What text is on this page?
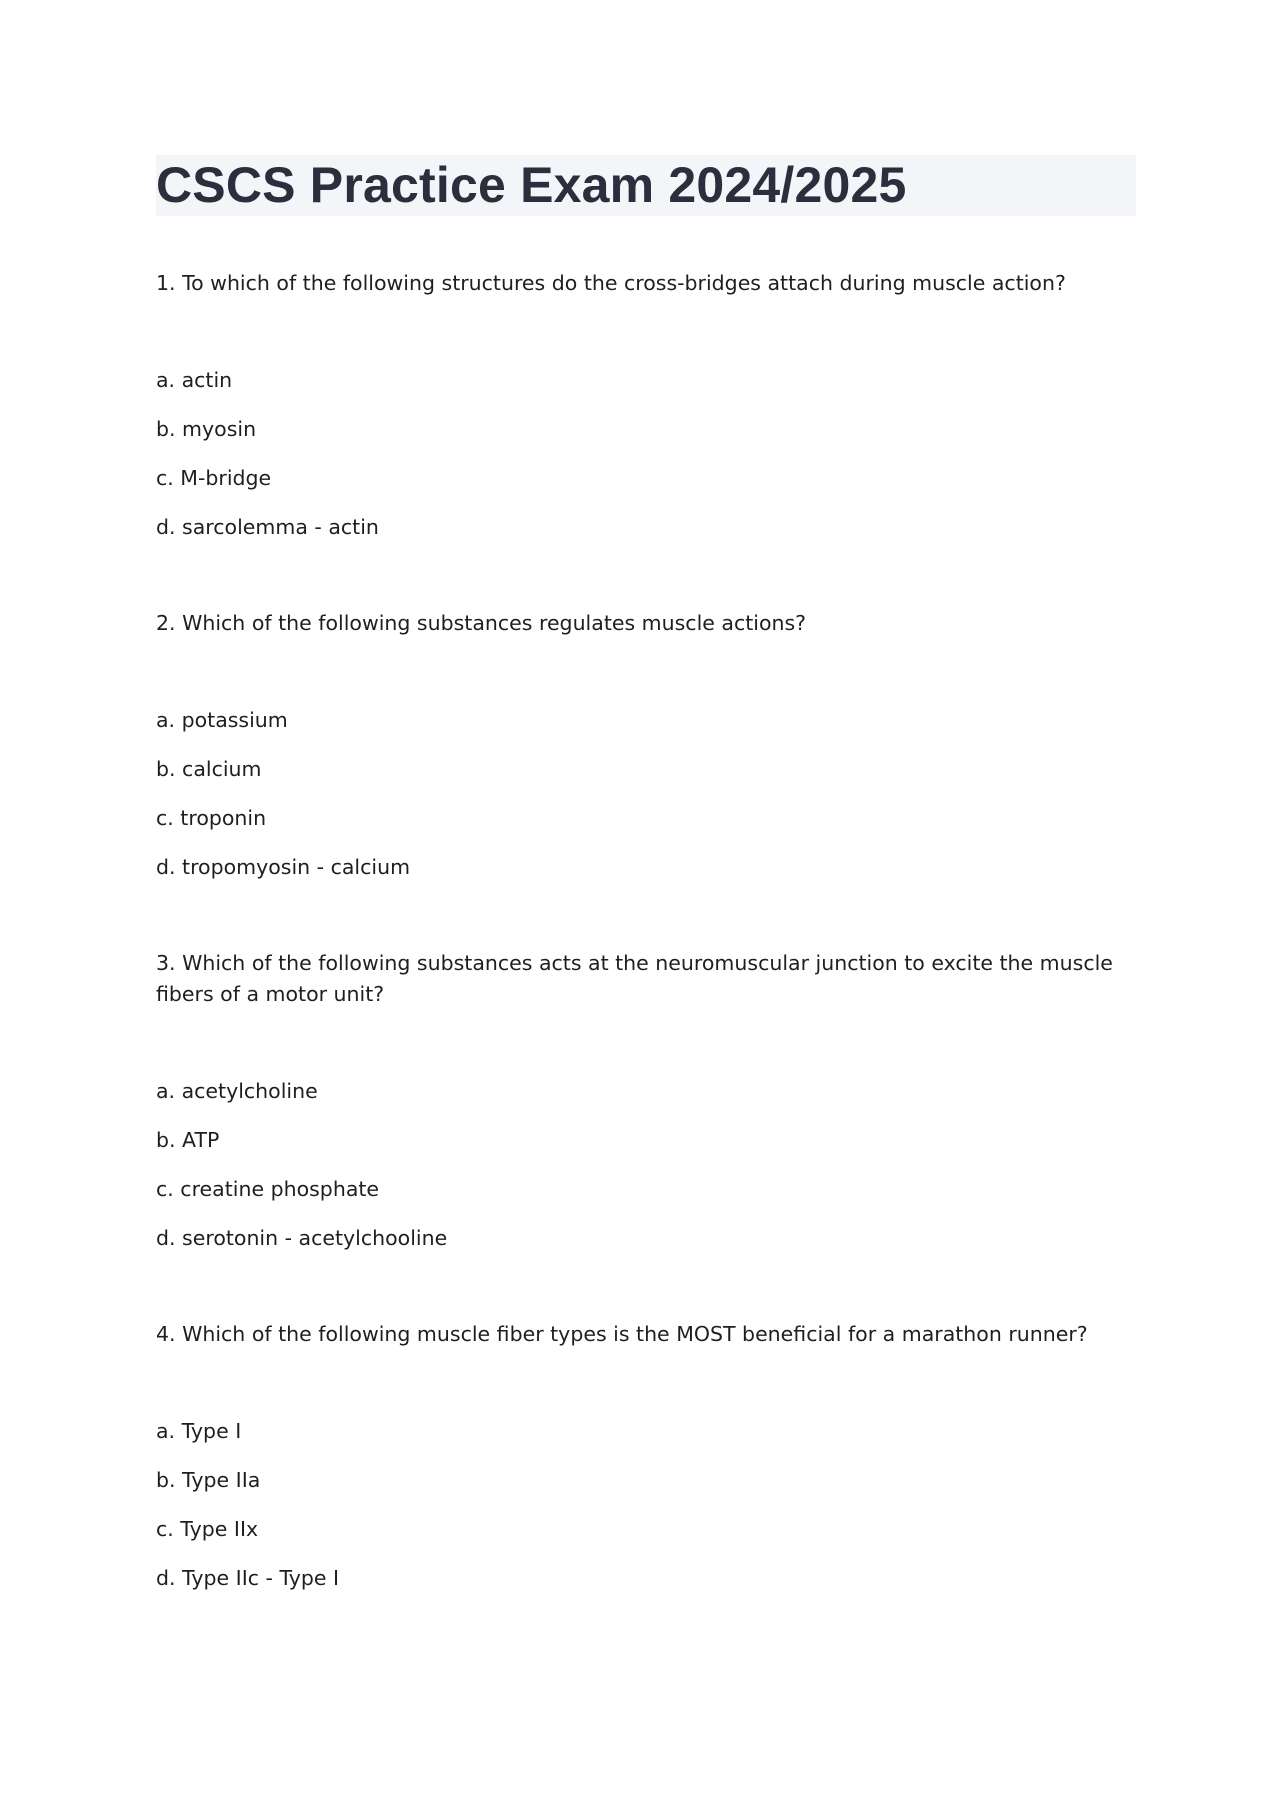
CSCS Practice Exam 2024/2025

1. To which of the following structures do the cross-bridges attach during muscle action?

a. actin
b. myosin
c. M-bridge
d. sarcolemma - actin

2. Which of the following substances regulates muscle actions?

a. potassium
b. calcium
c. troponin
d. tropomyosin - calcium

3. Which of the following substances acts at the neuromuscular junction to excite the muscle fibers of a motor unit?

a. acetylcholine
b. ATP
c. creatine phosphate
d. serotonin - acetylchooline

4. Which of the following muscle fiber types is the MOST beneficial for a marathon runner?

a. Type I
b. Type IIa
c. Type IIx
d. Type IIc - Type I
